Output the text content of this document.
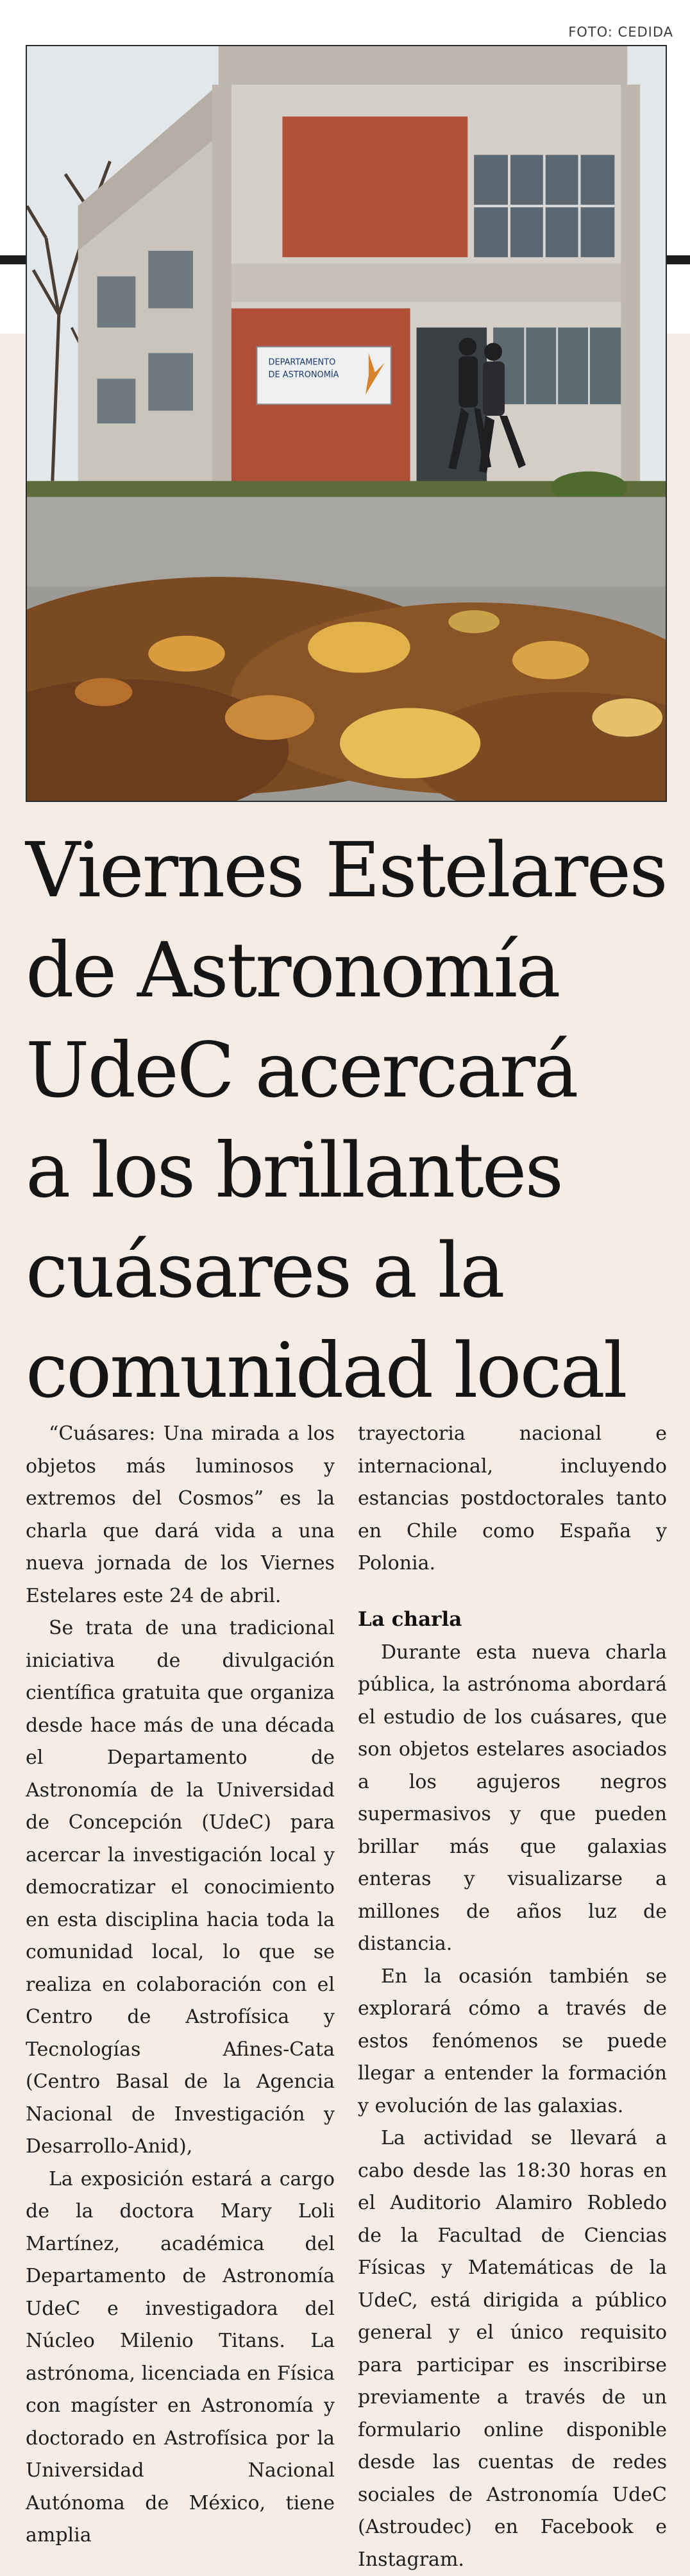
FOTO: CEDIDA
DEPARTAMENTO
DE ASTRONOMÍA
Viernes Estelares
de Astronomía
UdeC acercará
a los brillantes
cuásares a la
comunidad local

“Cuásares: Una mirada a los objetos más luminosos y extremos del Cosmos” es la charla que dará vida a una nueva jornada de los Viernes Estelares este 24 de abril.

Se trata de una tradicional iniciativa de divulgación científica gratuita que organiza desde hace más de una década el Departamento de Astronomía de la Universidad de Concepción (UdeC) para acercar la investigación local y democratizar el conocimiento en esta disciplina hacia toda la comunidad local, lo que se realiza en colaboración con el Centro de Astrofísica y Tecnologías Afines-Cata (Centro Basal de la Agencia Nacional de Investigación y Desarrollo-Anid),

La exposición estará a cargo de la doctora Mary Loli Martínez, académica del Departamento de Astronomía UdeC e investigadora del Núcleo Milenio Titans. La astrónoma, licenciada en Física con magíster en Astronomía y doctorado en Astrofísica por la Universidad Nacional Autónoma de México, tiene amplia

trayectoria nacional e internacional, incluyendo estancias postdoctorales tanto en Chile como España y Polonia.

La charla

Durante esta nueva charla pública, la astrónoma abordará el estudio de los cuásares, que son objetos estelares asociados a los agujeros negros supermasivos y que pueden brillar más que galaxias enteras y visualizarse a millones de años luz de distancia.

En la ocasión también se explorará cómo a través de estos fenómenos se puede llegar a entender la formación y evolución de las galaxias.

La actividad se llevará a cabo desde las 18:30 horas en el Auditorio Alamiro Robledo de la Facultad de Ciencias Físicas y Matemáticas de la UdeC, está dirigida a público general y el único requisito para participar es inscribirse previamente a través de un formulario online disponible desde las cuentas de redes sociales de Astronomía UdeC (Astroudec) en Facebook e Instagram.
